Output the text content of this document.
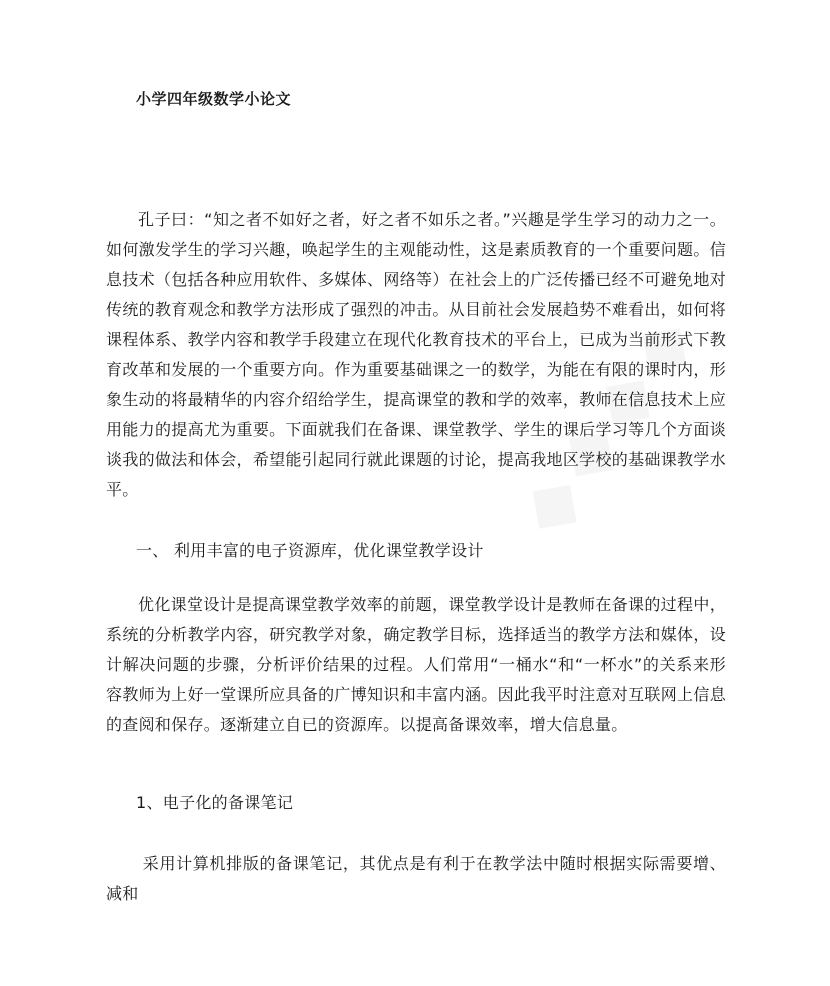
小学四年级数学小论文
孔子曰：“知之者不如好之者，好之者不如乐之者。”兴趣是学生学习的动力之一。如何激发学生的学习兴趣，唤起学生的主观能动性，这是素质教育的一个重要问题。信息技术（包括各种应用软件、多媒体、网络等）在社会上的广泛传播已经不可避免地对传统的教育观念和教学方法形成了强烈的冲击。从目前社会发展趋势不难看出，如何将课程体系、教学内容和教学手段建立在现代化教育技术的平台上，已成为当前形式下教育改革和发展的一个重要方向。作为重要基础课之一的数学，为能在有限的课时内，形象生动的将最精华的内容介绍给学生，提高课堂的教和学的效率，教师在信息技术上应用能力的提高尤为重要。下面就我们在备课、课堂教学、学生的课后学习等几个方面谈谈我的做法和体会，希望能引起同行就此课题的讨论，提高我地区学校的基础课教学水平。
一、 利用丰富的电子资源库，优化课堂教学设计
优化课堂设计是提高课堂教学效率的前题，课堂教学设计是教师在备课的过程中，系统的分析教学内容，研究教学对象，确定教学目标，选择适当的教学方法和媒体，设计解决问题的步骤，分析评价结果的过程。人们常用“一桶水“和“一杯水”的关系来形容教师为上好一堂课所应具备的广博知识和丰富内涵。因此我平时注意对互联网上信息的查阅和保存。逐渐建立自已的资源库。以提高备课效率，增大信息量。
1、电子化的备课笔记
采用计算机排版的备课笔记，其优点是有利于在教学法中随时根据实际需要增、减和
